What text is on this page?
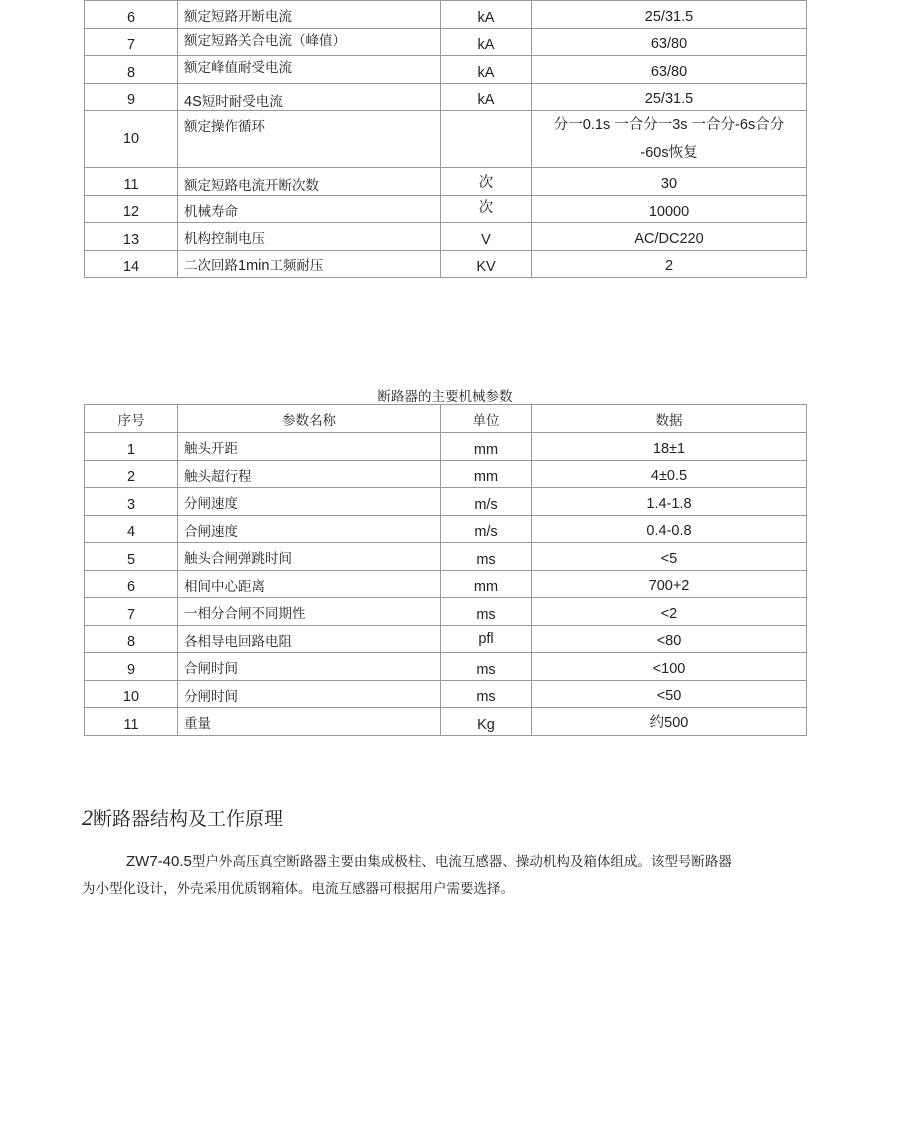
6	额定短路开断电流	kA	25/31.5
7	额定短路关合电流（峰值）	kA	63/80
8	额定峰值耐受电流	kA	63/80
9	4S短时耐受电流	kA	25/31.5
10	额定操作循环		分一0.1s 一合分一3s 一合分-6s合分
-60s恢复

11	额定短路电流开断次数	次	30
12	机械寿命	次	10000
13	机构控制电压	V	AC/DC220
14	二次回路1min工频耐压	KV	2
断路器的主要机械参数
序号	参数名称	单位	数据
1	触头开距	mm	18±1
2	触头超行程	mm	4±0.5
3	分闸速度	m/s	1.4-1.8
4	合闸速度	m/s	0.4-0.8
5	触头合闸弹跳时间	ms	<5
6	相间中心距离	mm	700+2
7	一相分合闸不同期性	ms	<2
8	各相导电回路电阻	pfl	<80
9	合闸时间	ms	<100
10	分闸时间	ms	<50
11	重量	Kg	约500
2断路器结构及工作原理
ZW7-40.5型户外高压真空断路器主要由集成极柱、电流互感器、操动机构及箱体组成。该型号断路器
为小型化设计，外壳采用优质钢箱体。电流互感器可根据用户需要选择。
